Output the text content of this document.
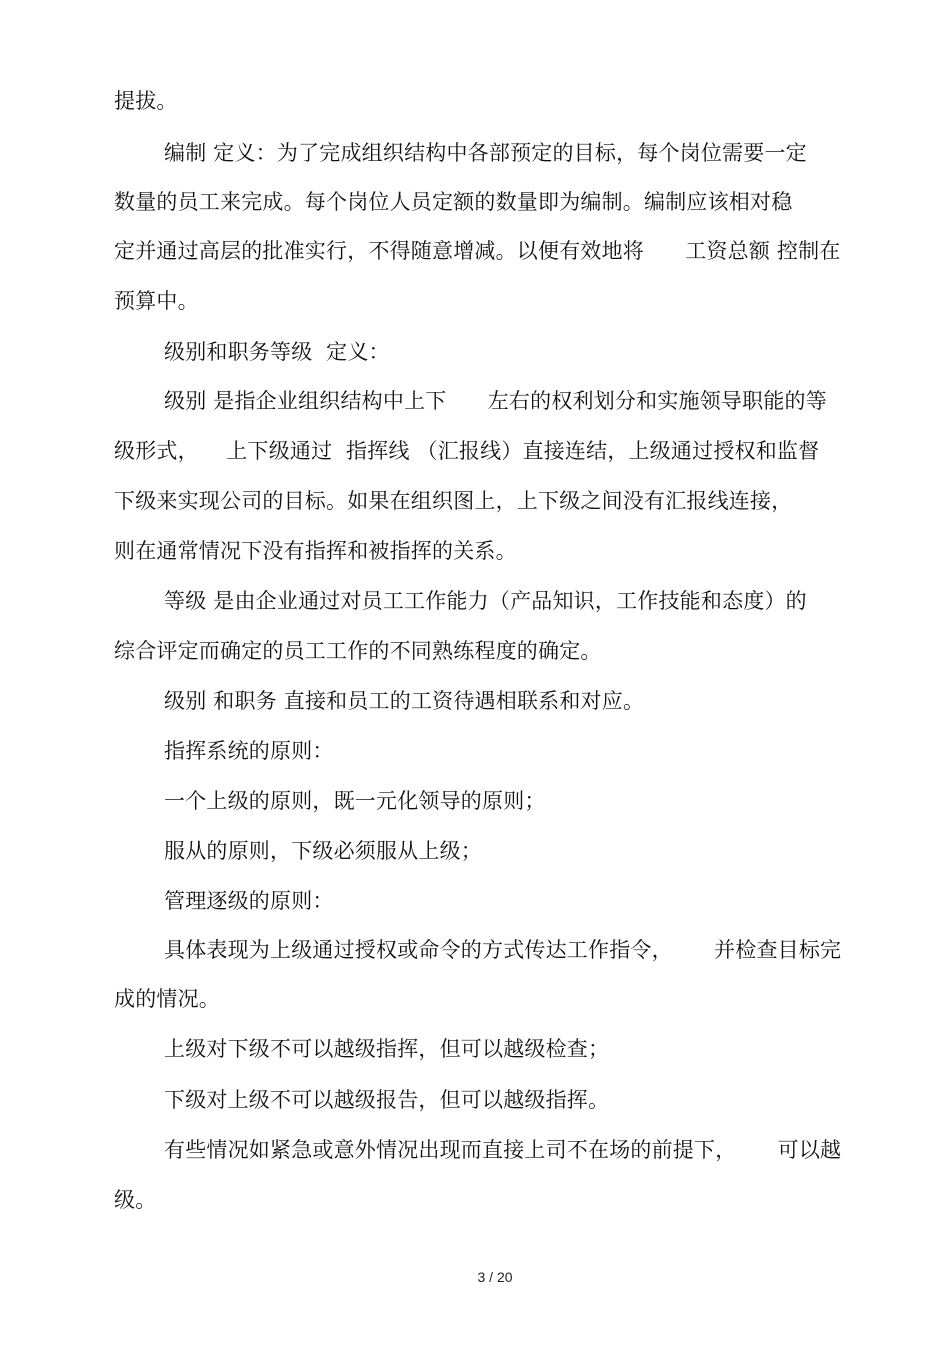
提拔。
编制 定义：为了完成组织结构中各部预定的目标，每个岗位需要一定
数量的员工来完成。每个岗位人员定额的数量即为编制。编制应该相对稳
定并通过高层的批准实行，不得随意增减。以便有效地将      工资总额 控制在
预算中。
级别和职务等级  定义：
级别 是指企业组织结构中上下      左右的权利划分和实施领导职能的等
级形式，    上下级通过  指挥线 （汇报线）直接连结，上级通过授权和监督
下级来实现公司的目标。如果在组织图上，上下级之间没有汇报线连接，
则在通常情况下没有指挥和被指挥的关系。
等级 是由企业通过对员工工作能力（产品知识，工作技能和态度）的
综合评定而确定的员工工作的不同熟练程度的确定。
级别 和职务 直接和员工的工资待遇相联系和对应。
指挥系统的原则：
一个上级的原则，既一元化领导的原则；
服从的原则，下级必须服从上级；
管理逐级的原则：
具体表现为上级通过授权或命令的方式传达工作指令，      并检查目标完
成的情况。
上级对下级不可以越级指挥，但可以越级检查；
下级对上级不可以越级报告，但可以越级指挥。
有些情况如紧急或意外情况出现而直接上司不在场的前提下，      可以越
级。
3 / 20
